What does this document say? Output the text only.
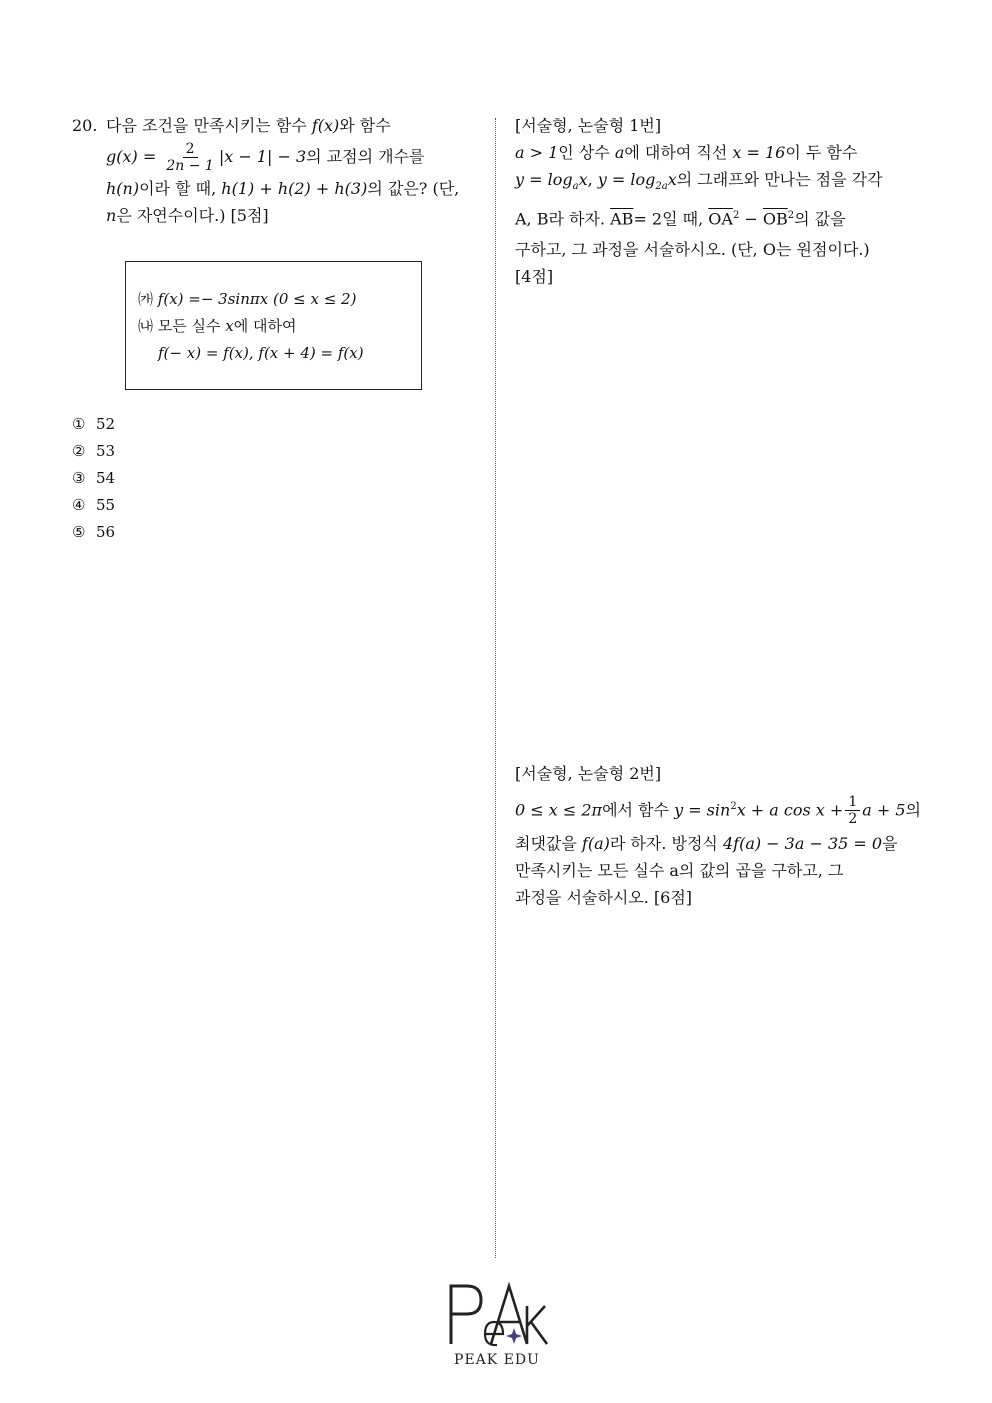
20. 다음 조건을 만족시키는 함수 f(x)와 함수
$g(x) = \frac{2}{2n - 1} |x - 1| - 3$의 교점의 개수를
h(n)이라 할 때, h(1) + h(2) + h(3)의 값은? (단,
n은 자연수이다.) [5점]
㈎ f(x) =− 3sinπx (0 ≤ x ≤ 2)
㈏ 모든 실수 x에 대하여
f(− x) = f(x), f(x + 4) = f(x)
① 52
② 53
③ 54
④ 55
⑤ 56
[서술형, 논술형 1번]
a > 1인 상수 a에 대하여 직선 x = 16이 두 함수
$y = \log_ax$, $y = \log_{2a}x$의 그래프와 만나는 점을 각각
A, B라 하자. $\overline{AB}= 2$일 때, $\overline{OA}^2 - \overline{OB}^2$의 값을
구하고, 그 과정을 서술하시오. (단, O는 원점이다.)
[4점]
[서술형, 논술형 2번]
0 ≤ x ≤ 2π에서 함수 $y = \sin^2x + a$ $\cos x + \frac{1}{2}$ a + 5의
최댓값을 f(a)라 하자. 방정식 4f(a) − 3a − 35 = 0을
만족시키는 모든 실수 a의 값의 곱을 구하고, 그
과정을 서술하시오. [6점]
PEAK EDU
